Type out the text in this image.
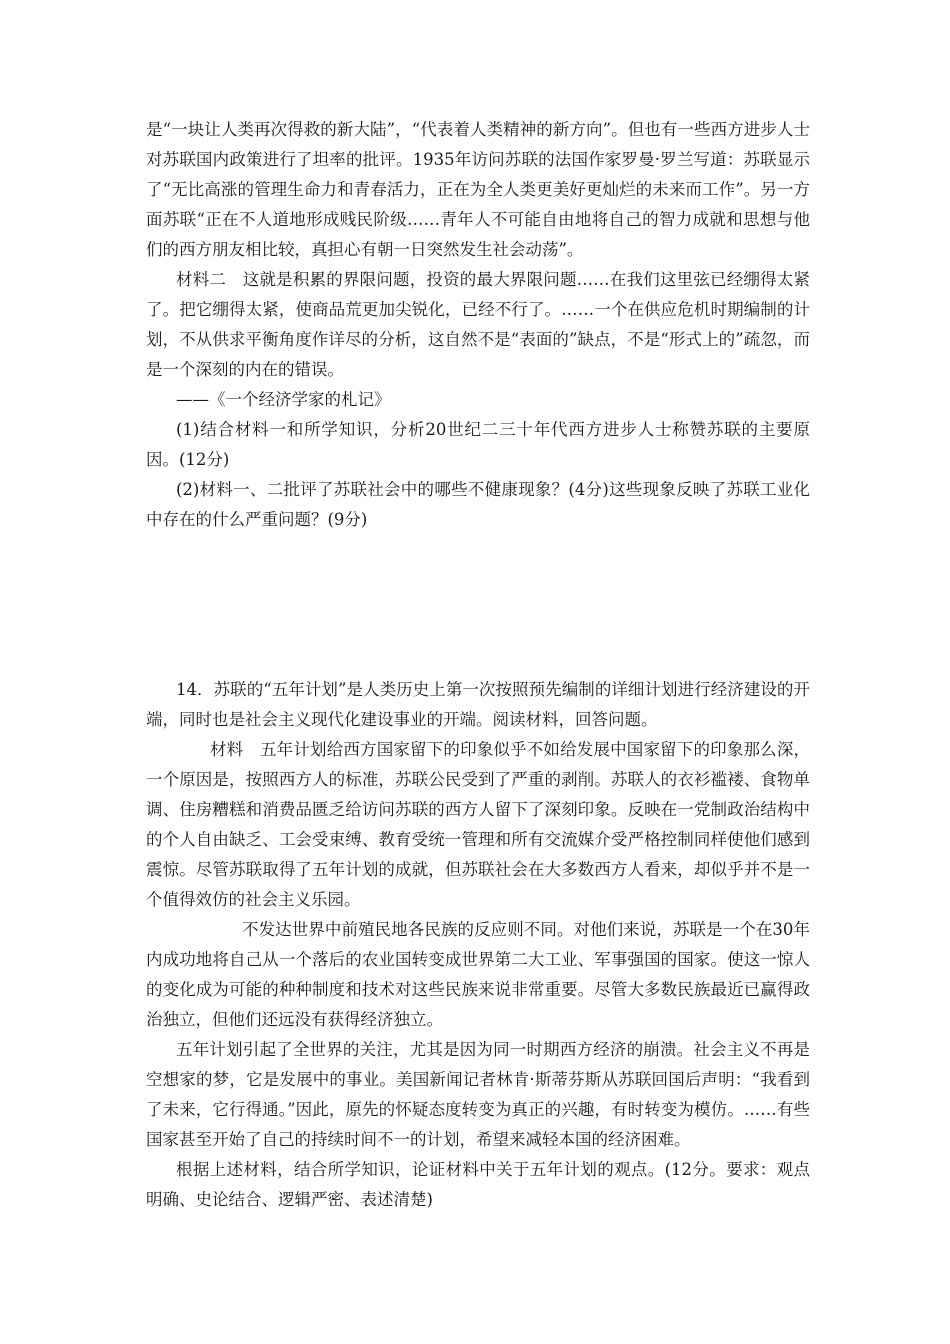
是“一块让人类再次得救的新大陆”，“代表着人类精神的新方向”。但也有一些西方进步人士对苏联国内政策进行了坦率的批评。1935年访问苏联的法国作家罗曼·罗兰写道：苏联显示了“无比高涨的管理生命力和青春活力，正在为全人类更美好更灿烂的未来而工作”。另一方面苏联“正在不人道地形成贱民阶级……青年人不可能自由地将自己的智力成就和思想与他们的西方朋友相比较，真担心有朝一日突然发生社会动荡”。

材料二　这就是积累的界限问题，投资的最大界限问题……在我们这里弦已经绷得太紧了。把它绷得太紧，使商品荒更加尖锐化，已经不行了。……一个在供应危机时期编制的计划，不从供求平衡角度作详尽的分析，这自然不是“表面的”缺点，不是“形式上的”疏忽，而是一个深刻的内在的错误。

——《一个经济学家的札记》

(1)结合材料一和所学知识，分析20世纪二三十年代西方进步人士称赞苏联的主要原因。(12分)

(2)材料一、二批评了苏联社会中的哪些不健康现象？(4分)这些现象反映了苏联工业化中存在的什么严重问题？(9分)

14．苏联的“五年计划”是人类历史上第一次按照预先编制的详细计划进行经济建设的开端，同时也是社会主义现代化建设事业的开端。阅读材料，回答问题。

材料　五年计划给西方国家留下的印象似乎不如给发展中国家留下的印象那么深，一个原因是，按照西方人的标准，苏联公民受到了严重的剥削。苏联人的衣衫褴褛、食物单调、住房糟糕和消费品匮乏给访问苏联的西方人留下了深刻印象。反映在一党制政治结构中的个人自由缺乏、工会受束缚、教育受统一管理和所有交流媒介受严格控制同样使他们感到震惊。尽管苏联取得了五年计划的成就，但苏联社会在大多数西方人看来，却似乎并不是一个值得效仿的社会主义乐园。

不发达世界中前殖民地各民族的反应则不同。对他们来说，苏联是一个在30年内成功地将自己从一个落后的农业国转变成世界第二大工业、军事强国的国家。使这一惊人的变化成为可能的种种制度和技术对这些民族来说非常重要。尽管大多数民族最近已赢得政治独立，但他们还远没有获得经济独立。

五年计划引起了全世界的关注，尤其是因为同一时期西方经济的崩溃。社会主义不再是空想家的梦，它是发展中的事业。美国新闻记者林肯·斯蒂芬斯从苏联回国后声明：“我看到了未来，它行得通。”因此，原先的怀疑态度转变为真正的兴趣，有时转变为模仿。……有些国家甚至开始了自己的持续时间不一的计划，希望来减轻本国的经济困难。

根据上述材料，结合所学知识，论证材料中关于五年计划的观点。(12分。要求：观点明确、史论结合、逻辑严密、表述清楚)
